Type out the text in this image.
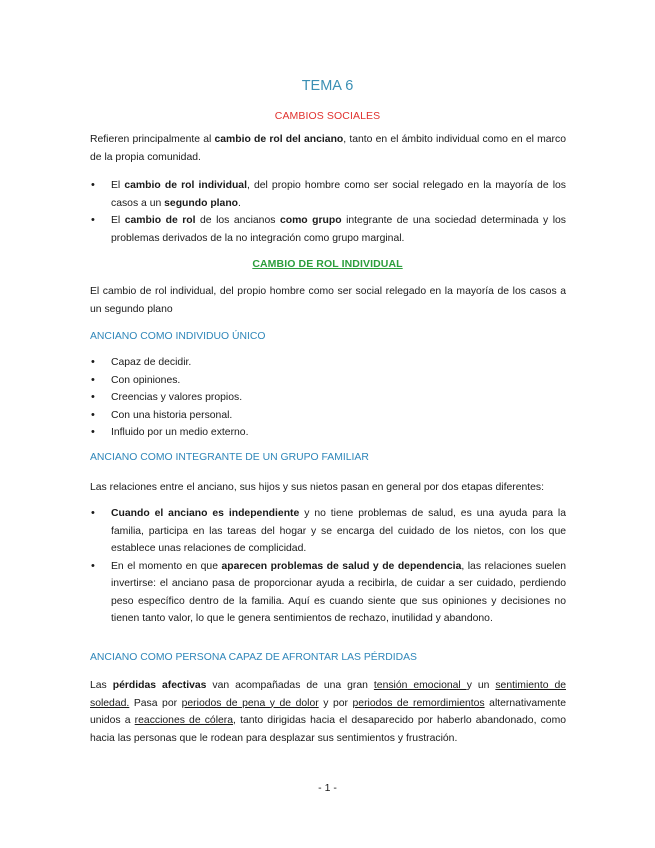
TEMA 6
CAMBIOS SOCIALES

Refieren principalmente al cambio de rol del anciano, tanto en el ámbito individual como en el marco de la propia comunidad.

• El cambio de rol individual, del propio hombre como ser social relegado en la mayoría de los casos a un segundo plano.
• El cambio de rol de los ancianos como grupo integrante de una sociedad determinada y los problemas derivados de la no integración como grupo marginal.
CAMBIO DE ROL INDIVIDUAL

El cambio de rol individual, del propio hombre como ser social relegado en la mayoría de los casos a un segundo plano

ANCIANO COMO INDIVIDUO ÚNICO
• Capaz de decidir.
• Con opiniones.
• Creencias y valores propios.
• Con una historia personal.
• Influido por un medio externo.
ANCIANO COMO INTEGRANTE DE UN GRUPO FAMILIAR

Las relaciones entre el anciano, sus hijos y sus nietos pasan en general por dos etapas diferentes:

• Cuando el anciano es independiente y no tiene problemas de salud, es una ayuda para la familia, participa en las tareas del hogar y se encarga del cuidado de los nietos, con los que establece unas relaciones de complicidad.
• En el momento en que aparecen problemas de salud y de dependencia, las relaciones suelen invertirse: el anciano pasa de proporcionar ayuda a recibirla, de cuidar a ser cuidado, perdiendo peso específico dentro de la familia. Aquí es cuando siente que sus opiniones y decisiones no tienen tanto valor, lo que le genera sentimientos de rechazo, inutilidad y abandono.
ANCIANO COMO PERSONA CAPAZ DE AFRONTAR LAS PÉRDIDAS

Las pérdidas afectivas van acompañadas de una gran tensión emocional y un sentimiento de soledad. Pasa por periodos de pena y de dolor y por periodos de remordimientos alternativamente unidos a reacciones de cólera, tanto dirigidas hacia el desaparecido por haberlo abandonado, como hacia las personas que le rodean para desplazar sus sentimientos y frustración.

- 1 -
